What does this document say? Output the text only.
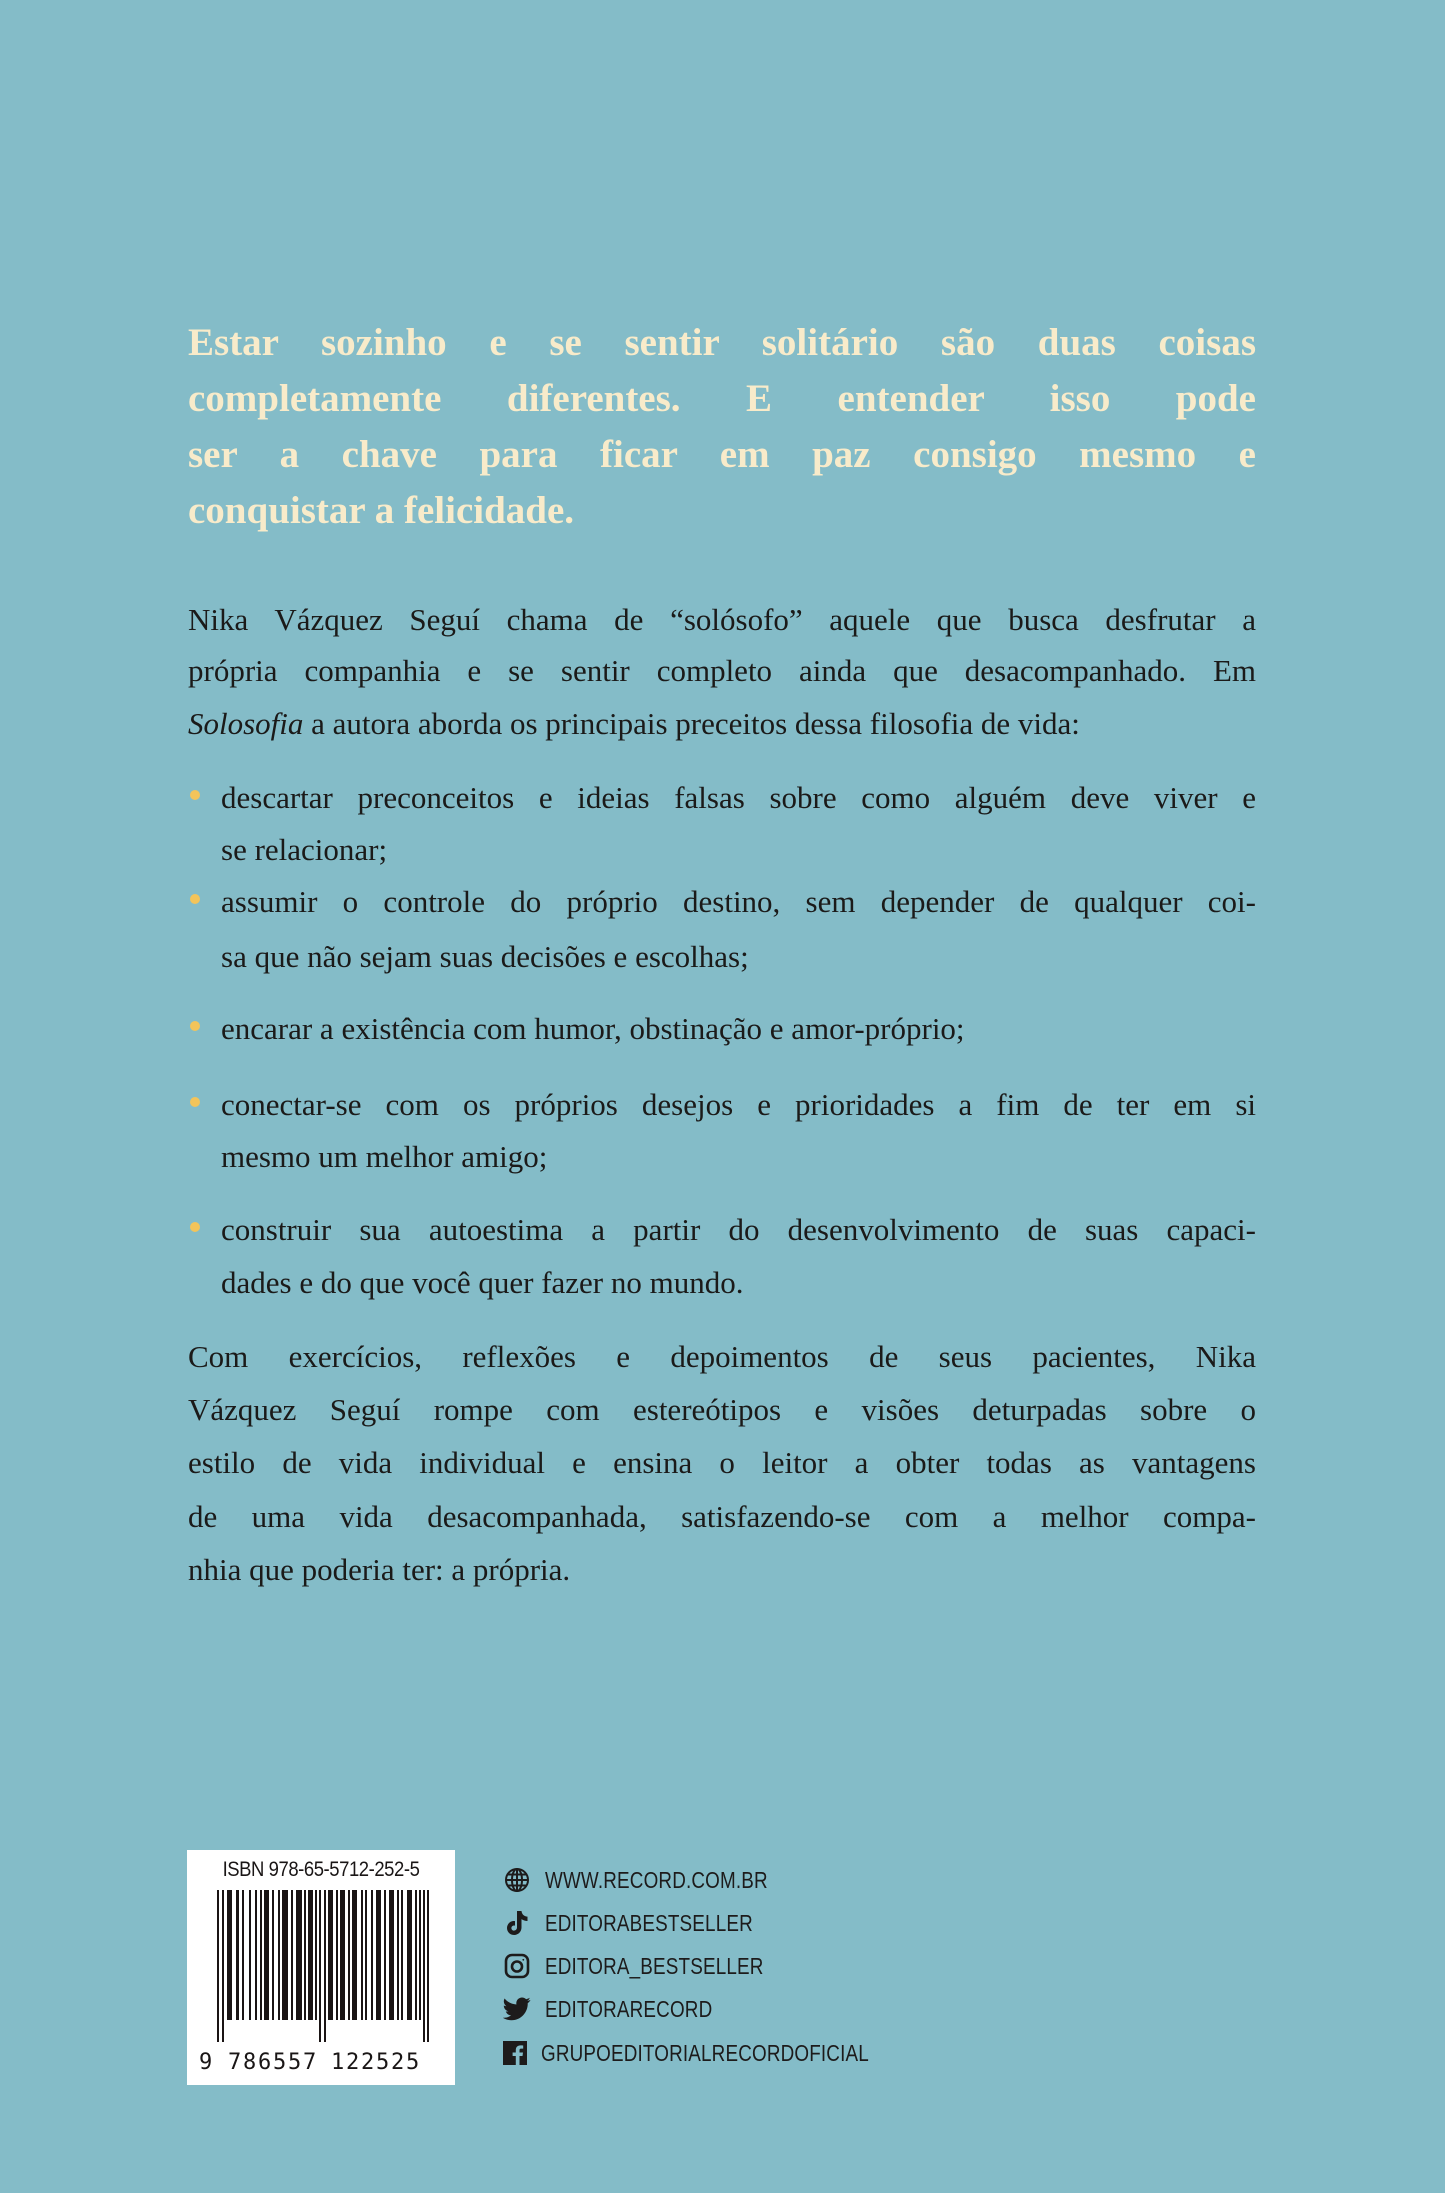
Estar sozinho e se sentir solitário são duas coisas
completamente diferentes. E entender isso pode
ser a chave para ficar em paz consigo mesmo e
conquistar a felicidade.
Nika Vázquez Seguí chama de “solósofo” aquele que busca desfrutar a
própria companhia e se sentir completo ainda que desacompanhado. Em
Solosofia a autora aborda os principais preceitos dessa filosofia de vida:
descartar preconceitos e ideias falsas sobre como alguém deve viver e
se relacionar;
assumir o controle do próprio destino, sem depender de qualquer coi-
sa que não sejam suas decisões e escolhas;
encarar a existência com humor, obstinação e amor-próprio;
conectar-se com os próprios desejos e prioridades a fim de ter em si
mesmo um melhor amigo;
construir sua autoestima a partir do desenvolvimento de suas capaci-
dades e do que você quer fazer no mundo.
Com exercícios, reflexões e depoimentos de seus pacientes, Nika
Vázquez Seguí rompe com estereótipos e visões deturpadas sobre o
estilo de vida individual e ensina o leitor a obter todas as vantagens
de uma vida desacompanhada, satisfazendo-se com a melhor compa-
nhia que poderia ter: a própria.
ISBN 978-65-5712-252-5
9 7 8 6 5 5 7 1 2 2 5 2 5
WWW.RECORD.COM.BR
EDITORABESTSELLER
EDITORA_BESTSELLER
EDITORARECORD
GRUPOEDITORIALRECORDOFICIAL
